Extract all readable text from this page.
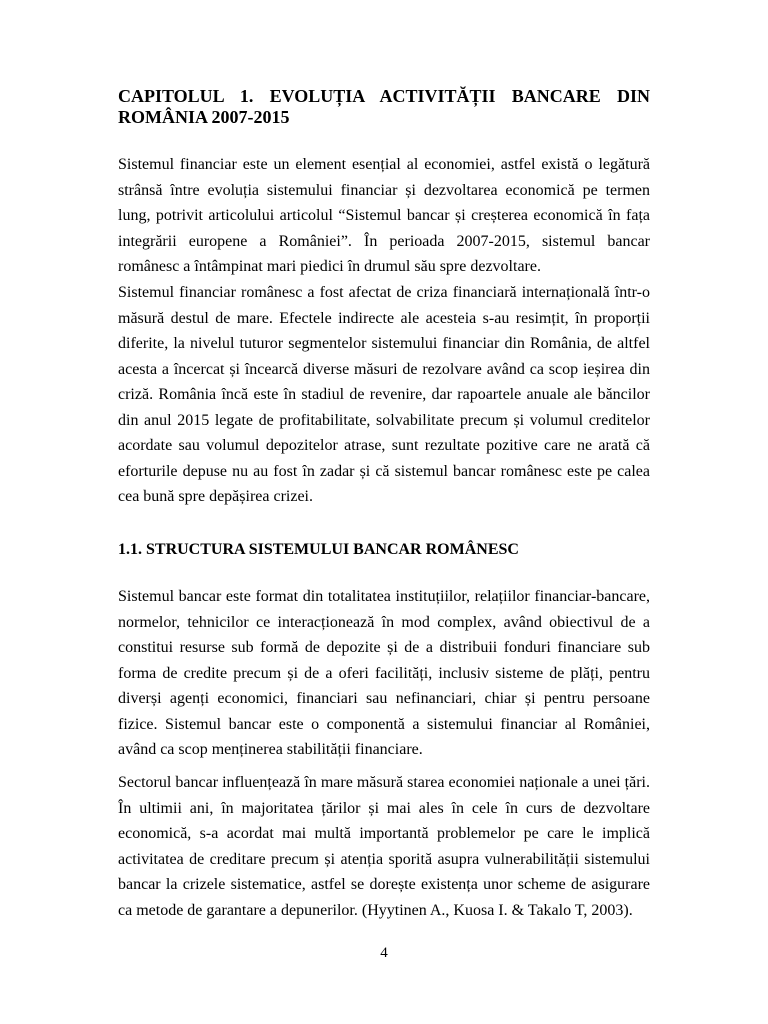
CAPITOLUL 1. EVOLUȚIA ACTIVITĂȚII BANCARE DIN ROMÂNIA 2007-2015

Sistemul financiar este un element esențial al economiei, astfel există o legătură strânsă între evoluția sistemului financiar și dezvoltarea economică pe termen lung, potrivit articolului articolul “Sistemul bancar și creșterea economică în fața integrării europene a României”. În perioada 2007-2015, sistemul bancar românesc a întâmpinat mari piedici în drumul său spre dezvoltare.

Sistemul financiar românesc a fost afectat de criza financiară internațională într-o măsură destul de mare. Efectele indirecte ale acesteia s-au resimțit, în proporții diferite, la nivelul tuturor segmentelor sistemului financiar din România, de altfel acesta a încercat și încearcă diverse măsuri de rezolvare având ca scop ieșirea din criză. România încă este în stadiul de revenire, dar rapoartele anuale ale băncilor din anul 2015 legate de profitabilitate, solvabilitate precum și volumul creditelor acordate sau volumul depozitelor atrase, sunt rezultate pozitive care ne arată că eforturile depuse nu au fost în zadar și că sistemul bancar românesc este pe calea cea bună spre depășirea crizei.

1.1. STRUCTURA SISTEMULUI BANCAR ROMÂNESC

Sistemul bancar este format din totalitatea instituțiilor, relațiilor financiar-bancare, normelor, tehnicilor ce interacționează în mod complex, având obiectivul de a constitui resurse sub formă de depozite și de a distribuii fonduri financiare sub forma de credite precum și de a oferi facilități, inclusiv sisteme de plăți, pentru diverși agenți economici, financiari sau nefinanciari, chiar și pentru persoane fizice. Sistemul bancar este o componentă a sistemului financiar al României, având ca scop menținerea stabilității financiare.

Sectorul bancar influențează în mare măsură starea economiei naționale a unei țări. În ultimii ani, în majoritatea țărilor și mai ales în cele în curs de dezvoltare economică, s-a acordat mai multă importantă problemelor pe care le implică activitatea de creditare precum și atenția sporită asupra vulnerabilității sistemului bancar la crizele sistematice, astfel se dorește existența unor scheme de asigurare ca metode de garantare a depunerilor. (Hyytinen A., Kuosa I. & Takalo T, 2003).

4
